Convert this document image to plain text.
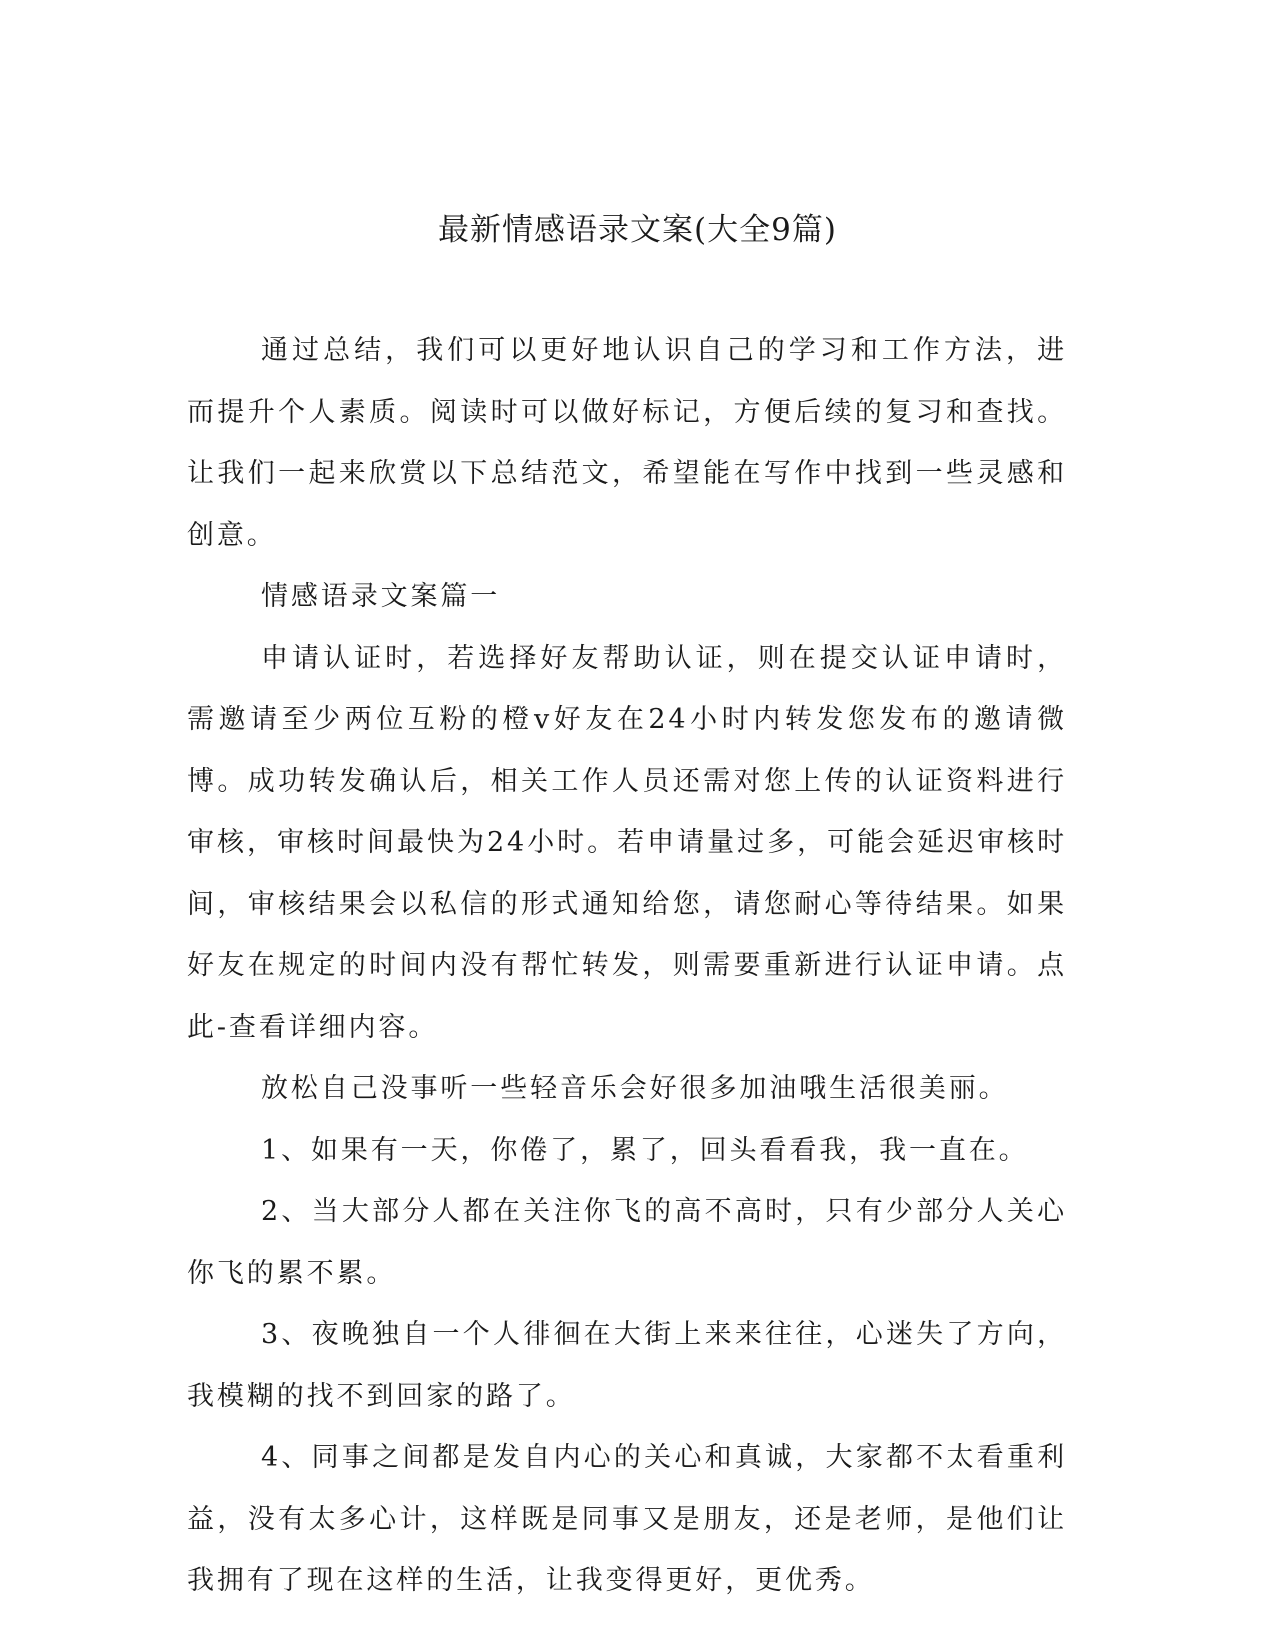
最新情感语录文案(大全9篇)

通过总结，我们可以更好地认识自己的学习和工作方法，进而提升个人素质。阅读时可以做好标记，方便后续的复习和查找。让我们一起来欣赏以下总结范文，希望能在写作中找到一些灵感和创意。

情感语录文案篇一

申请认证时，若选择好友帮助认证，则在提交认证申请时，需邀请至少两位互粉的橙v好友在24小时内转发您发布的邀请微博。成功转发确认后，相关工作人员还需对您上传的认证资料进行审核，审核时间最快为24小时。若申请量过多，可能会延迟审核时间，审核结果会以私信的形式通知给您，请您耐心等待结果。如果好友在规定的时间内没有帮忙转发，则需要重新进行认证申请。点此-查看详细内容。

放松自己没事听一些轻音乐会好很多加油哦生活很美丽。

1、如果有一天，你倦了，累了，回头看看我，我一直在。

2、当大部分人都在关注你飞的高不高时，只有少部分人关心你飞的累不累。

3、夜晚独自一个人徘徊在大街上来来往往，心迷失了方向，我模糊的找不到回家的路了。

4、同事之间都是发自内心的关心和真诚，大家都不太看重利益，没有太多心计，这样既是同事又是朋友，还是老师，是他们让我拥有了现在这样的生活，让我变得更好，更优秀。
